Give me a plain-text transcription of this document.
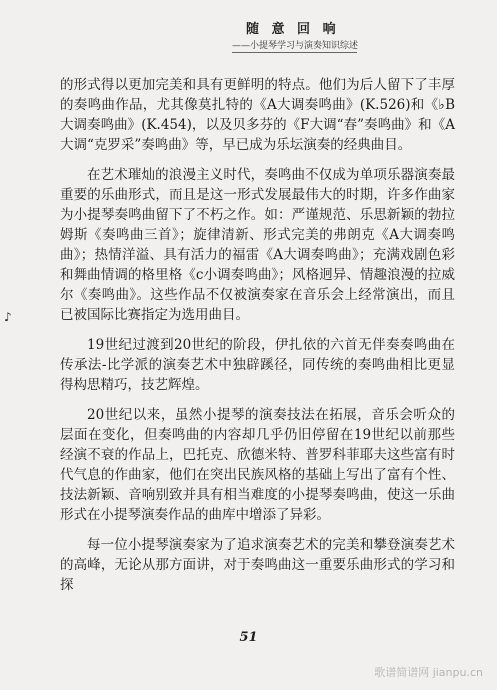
随 意 回 响
——小提琴学习与演奏知识综述
♪

的形式得以更加完美和具有更鲜明的特点。他们为后人留下了丰厚的奏鸣曲作品，尤其像莫扎特的《A大调奏鸣曲》(K.526)和《♭B大调奏鸣曲》(K.454)，以及贝多芬的《F大调“春”奏鸣曲》和《A大调“克罗采”奏鸣曲》等，早已成为乐坛演奏的经典曲目。

在艺术璀灿的浪漫主义时代，奏鸣曲不仅成为单项乐器演奏最重要的乐曲形式，而且是这一形式发展最伟大的时期，许多作曲家为小提琴奏鸣曲留下了不朽之作。如：严谨规范、乐思新颖的勃拉姆斯《奏鸣曲三首》；旋律清新、形式完美的弗朗克《A大调奏鸣曲》；热情洋溢、具有活力的福雷《A大调奏鸣曲》；充满戏剧色彩和舞曲情调的格里格《c小调奏鸣曲》；风格迥异、情趣浪漫的拉威尔《奏鸣曲》。这些作品不仅被演奏家在音乐会上经常演出，而且已被国际比赛指定为选用曲目。

19世纪过渡到20世纪的阶段，伊扎依的六首无伴奏奏鸣曲在传承法-比学派的演奏艺术中独辟蹊径，同传统的奏鸣曲相比更显得构思精巧，技艺辉煌。

20世纪以来，虽然小提琴的演奏技法在拓展，音乐会听众的层面在变化，但奏鸣曲的内容却几乎仍旧停留在19世纪以前那些经演不衰的作品上，巴托克、欣德米特、普罗科菲耶夫这些富有时代气息的作曲家，他们在突出民族风格的基础上写出了富有个性、技法新颖、音响别致并具有相当难度的小提琴奏鸣曲，使这一乐曲形式在小提琴演奏作品的曲库中增添了异彩。

每一位小提琴演奏家为了追求演奏艺术的完美和攀登演奏艺术的高峰，无论从那方面讲，对于奏鸣曲这一重要乐曲形式的学习和探

51
歌谱简谱网 jianpu.cn
